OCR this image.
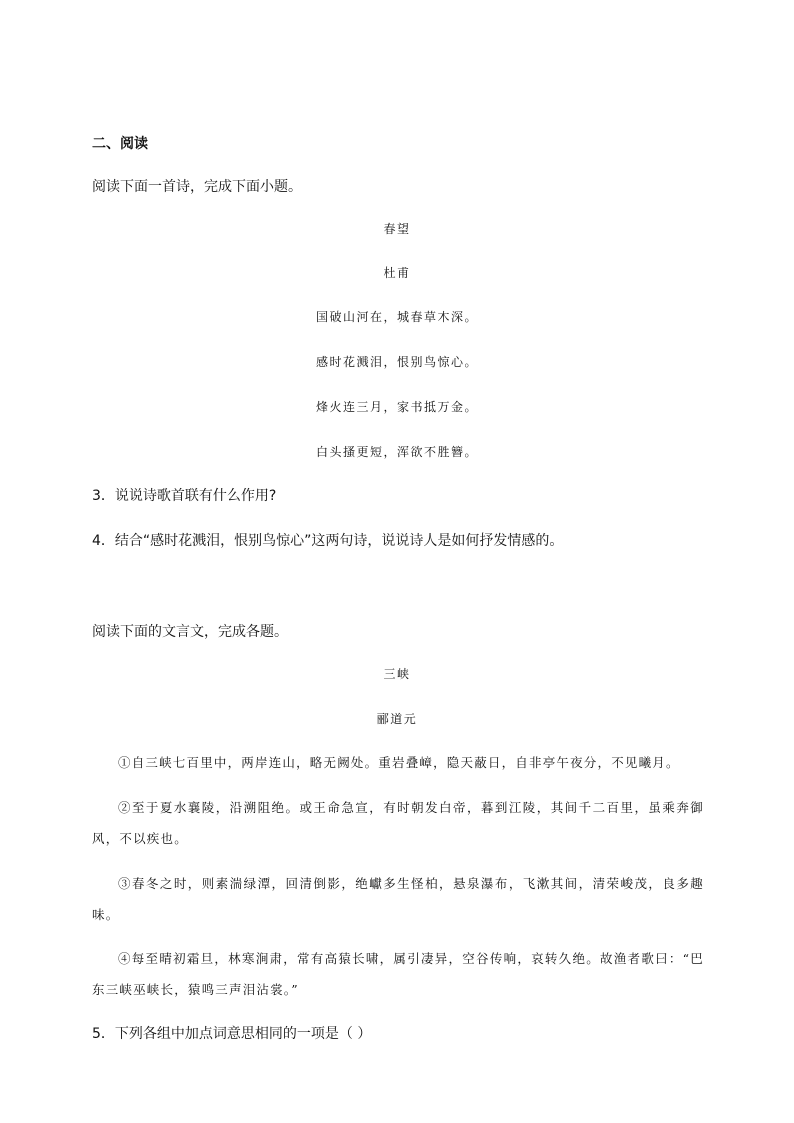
二、阅读
阅读下面一首诗，完成下面小题。
春望
杜甫
国破山河在，城春草木深。
感时花溅泪，恨别鸟惊心。
烽火连三月，家书抵万金。
白头搔更短，浑欲不胜簪。
3．说说诗歌首联有什么作用?
4．结合“感时花溅泪，恨别鸟惊心”这两句诗，说说诗人是如何抒发情感的。
阅读下面的文言文，完成各题。
三峡
郦道元
①自三峡七百里中，两岸连山，略无阙处。重岩叠嶂，隐天蔽日，自非亭午夜分，不见曦月。
②至于夏水襄陵，沿溯阻绝。或王命急宣，有时朝发白帝，暮到江陵，其间千二百里，虽乘奔御风，不以疾也。
③春冬之时，则素湍绿潭，回清倒影，绝巘多生怪柏，悬泉瀑布，飞漱其间，清荣峻茂，良多趣味。
④每至晴初霜旦，林寒涧肃，常有高猿长啸，属引凄异，空谷传响，哀转久绝。故渔者歌曰：“巴东三峡巫峡长，猿鸣三声泪沾裳。”
5．下列各组中加点词意思相同的一项是（ ）
